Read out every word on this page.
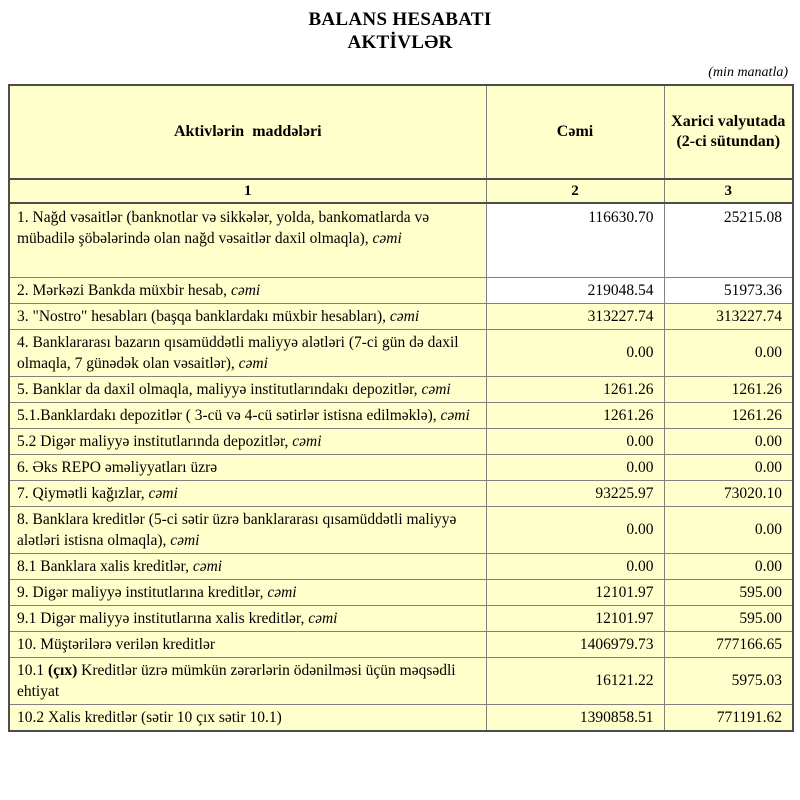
BALANS HESABATI
AKTİVLƏR
(min manatla)
Aktivlərin  maddələri	Cəmi	Xarici valyutada (2-ci sütundan)
1	2	3
1. Nağd vəsaitlər (banknotlar və sikkələr, yolda, bankomatlarda və mübadilə şöbələrində olan nağd vəsaitlər daxil olmaqla), cəmi	116630.70	25215.08
2. Mərkəzi Bankda müxbir hesab, cəmi	219048.54	51973.36
3. "Nostro" hesabları (başqa banklardakı müxbir hesabları), cəmi	313227.74	313227.74
4. Banklararası bazarın qısamüddətli maliyyə alətləri (7-ci gün də daxil olmaqla, 7 günədək olan vəsaitlər), cəmi	0.00	0.00
5. Banklar da daxil olmaqla, maliyyə institutlarındakı depozitlər, cəmi	1261.26	1261.26
5.1.Banklardakı depozitlər ( 3-cü və 4-cü sətirlər istisna edilməklə), cəmi	1261.26	1261.26
5.2 Digər maliyyə institutlarında depozitlər, cəmi	0.00	0.00
6. Əks REPO əməliyyatları üzrə	0.00	0.00
7. Qiymətli kağızlar, cəmi	93225.97	73020.10
8. Banklara kreditlər (5-ci sətir üzrə banklararası qısamüddətli maliyyə alətləri istisna olmaqla), cəmi	0.00	0.00
8.1 Banklara xalis kreditlər, cəmi	0.00	0.00
9. Digər maliyyə institutlarına kreditlər, cəmi	12101.97	595.00
9.1 Digər maliyyə institutlarına xalis kreditlər, cəmi	12101.97	595.00
10. Müştərilərə verilən kreditlər	1406979.73	777166.65
10.1 (çıx) Kreditlər üzrə mümkün zərərlərin ödənilməsi üçün məqsədli ehtiyat	16121.22	5975.03
10.2 Xalis kreditlər (sətir 10 çıx sətir 10.1)	1390858.51	771191.62
